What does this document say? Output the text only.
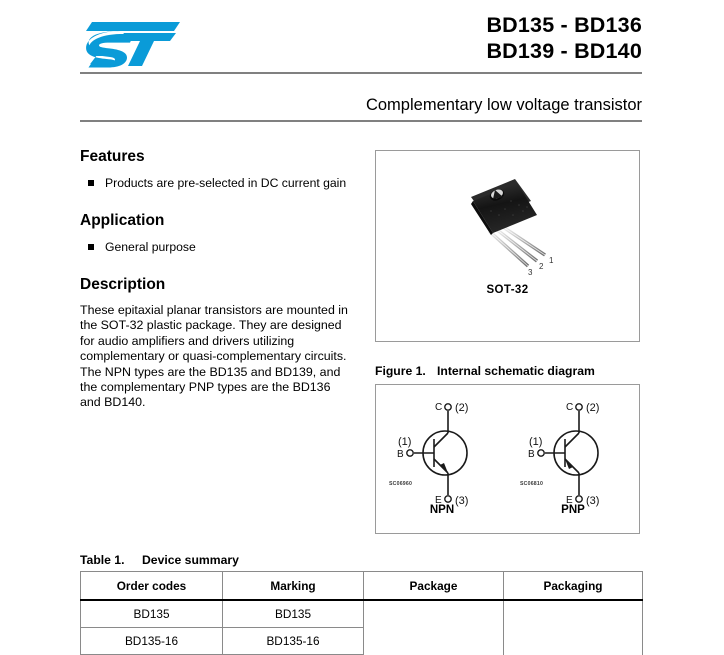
BD135 - BD136
BD139 - BD140
Complementary low voltage transistor
Features
Products are pre-selected in DC current gain
Application
General purpose
Description

These epitaxial planar transistors are mounted in the SOT-32 plastic package. They are designed for audio amplifiers and drivers utilizing complementary or quasi-complementary circuits. The NPN types are the BD135 and BD139, and the complementary PNP types are the BD136 and BD140.

1
2
3
SOT-32
Figure 1. Internal schematic diagram
C (2)
B
(1)
E (3)
SC06960
NPN
C (2)
B
(1)
E (3)
SC06810
PNP
Table 1. Device summary
Order codes	Marking	Package	Packaging
BD135	BD135		
BD135-16	BD135-16		
